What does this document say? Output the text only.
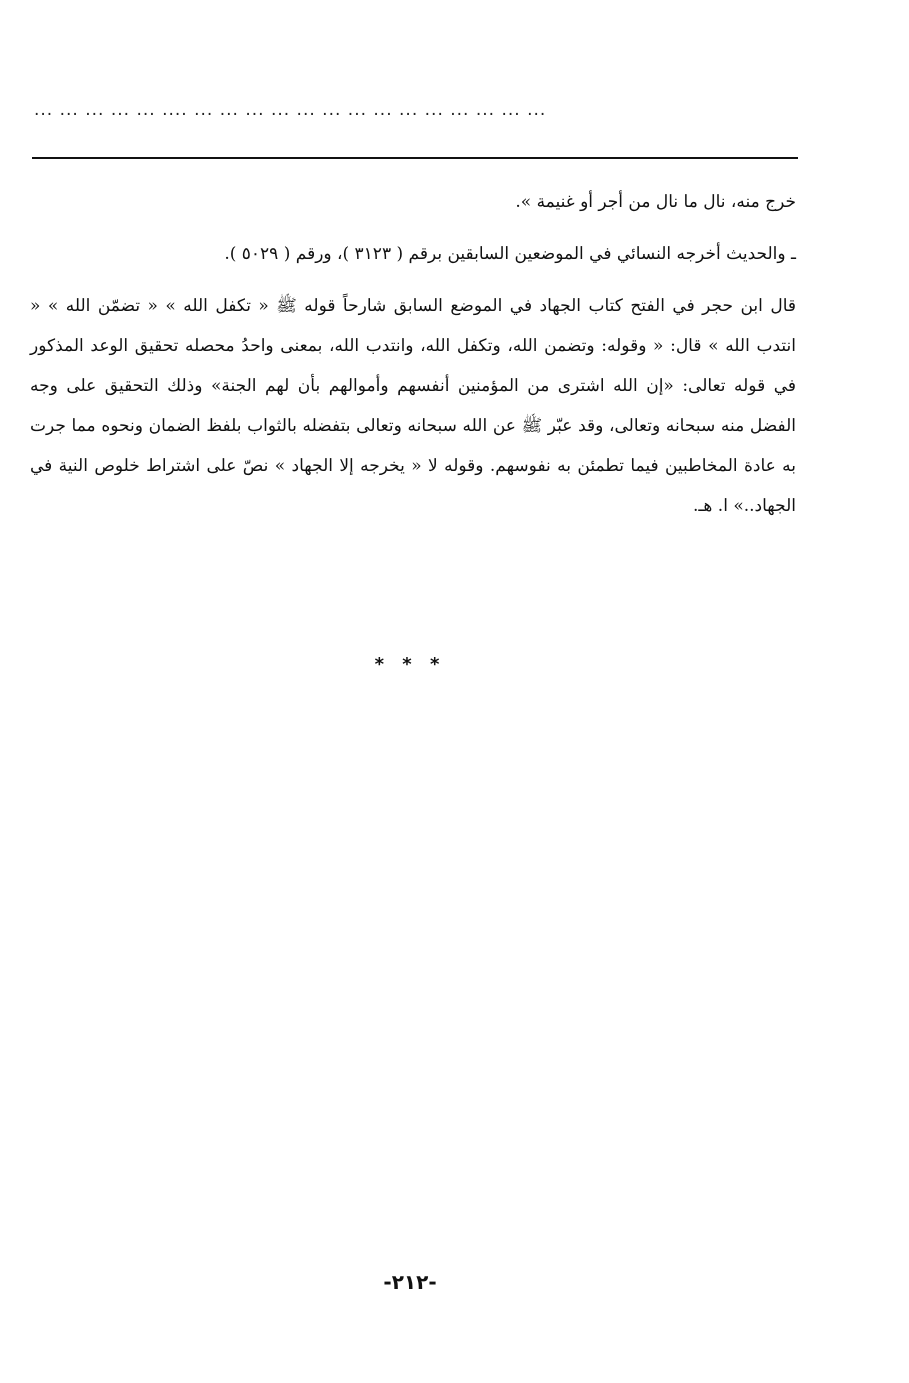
... ... ... ... ... .... ... ... ... ... ... ... ... ... ... ... ... ... ... ...
خرج منه، نال ما نال من أجر أو غنيمة ».
ـ والحديث أخرجه النسائي في الموضعين السابقين برقم ( ٣١٢٣ )، ورقم ( ٥٠٢٩ ).
قال ابن حجر في الفتح كتاب الجهاد في الموضع السابق شارحاً قوله ﷺ « تكفل الله » « تضمّن الله » « انتدب الله » قال: « وقوله: وتضمن الله، وتكفل الله، وانتدب الله، بمعنى واحدُ محصله تحقيق الوعد المذكور في قوله تعالى: «إن الله اشترى من المؤمنين أنفسهم وأموالهم بأن لهم الجنة» وذلك التحقيق على وجه الفضل منه سبحانه وتعالى، وقد عبّر ﷺ عن الله سبحانه وتعالى بتفضله بالثواب بلفظ الضمان ونحوه مما جرت به عادة المخاطبين فيما تطمئن به نفوسهم. وقوله لا « يخرجه إلا الجهاد » نصّ على اشتراط خلوص النية في الجهاد..» ا. هـ.
* * *
-٢١٢-
